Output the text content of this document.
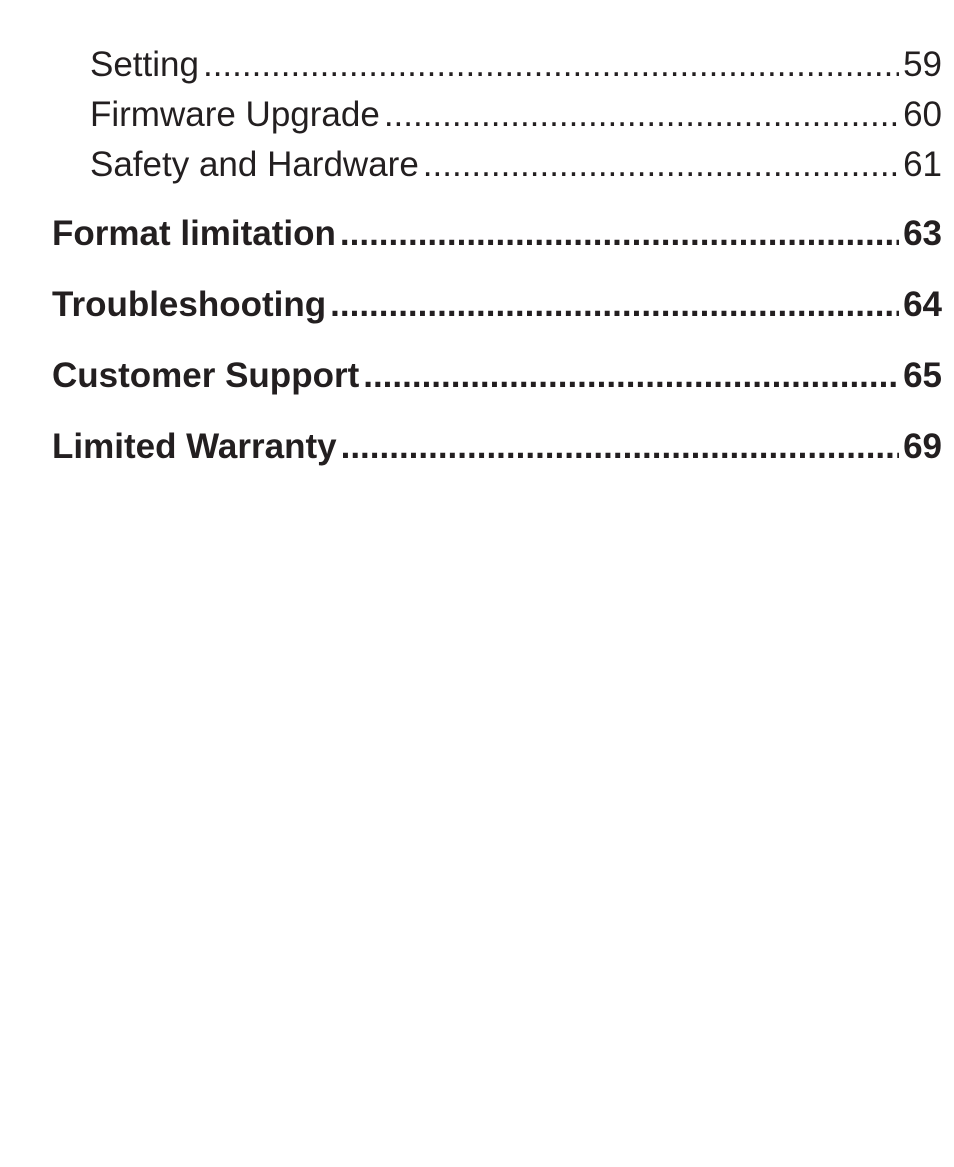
Setting .....	59
Firmware Upgrade .....	60
Safety and Hardware .....	61
Format limitation .....	63
Troubleshooting .....	64
Customer Support .....	65
Limited Warranty .....	69
